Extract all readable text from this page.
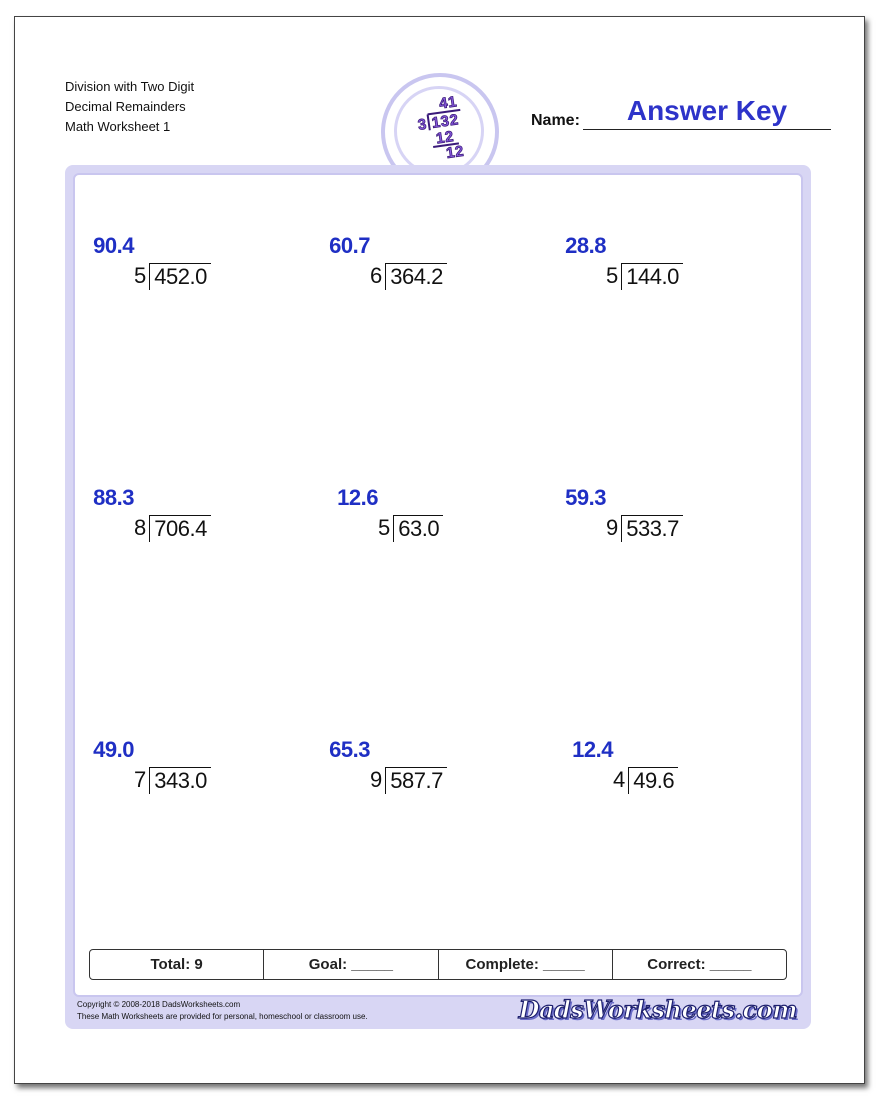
Division with Two Digit
Decimal Remainders
Math Worksheet 1
4
1
3 1
3
2
1
2
1
2
Name:	Answer Key
90.4
5 452.0
60.7
6 364.2
28.8
5 144.0
88.3
8 706.4
12.6
5 63.0
59.3
9 533.7
49.0
7 343.0
65.3
9 587.7
12.4
4 49.6
Total: 9	Goal: _____	Complete: _____	Correct: _____
Copyright © 2008-2018 DadsWorksheets.com
These Math Worksheets are provided for personal, homeschool or classroom use.	DadsWorksheets.com
